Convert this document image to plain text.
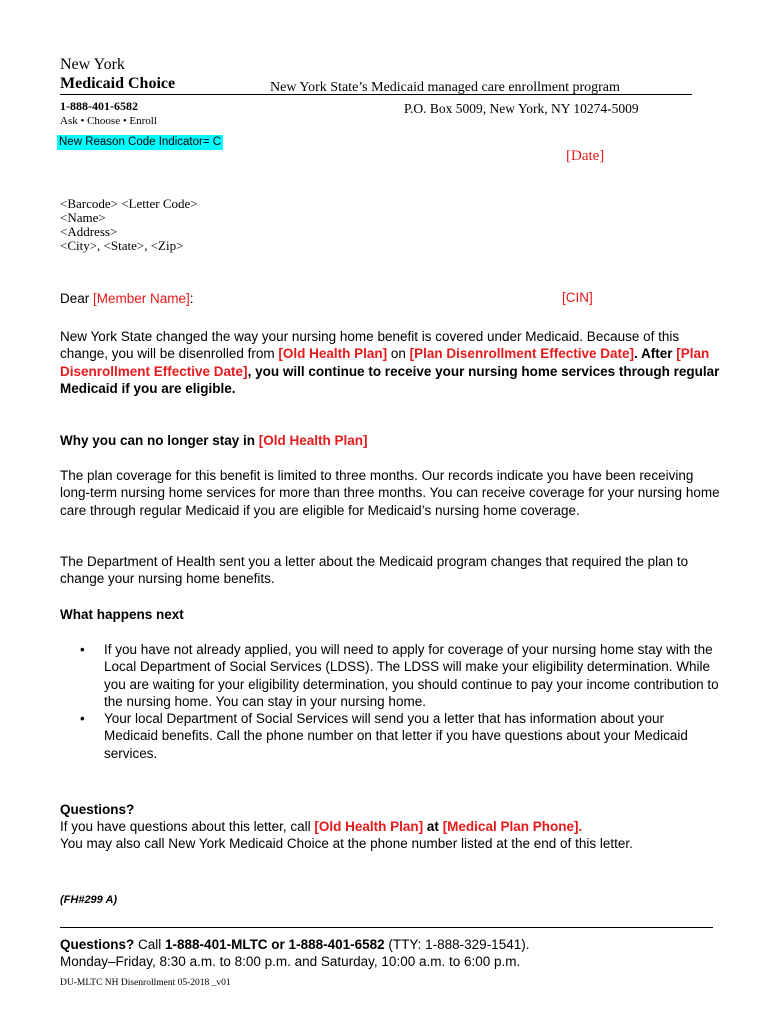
New York
Medicaid Choice	New York State’s Medicaid managed care enrollment program
1-888-401-6582
Ask • Choose • Enroll
P.O. Box 5009, New York, NY 10274-5009
New Reason Code Indicator= C
[Date]
<Barcode> <Letter Code>
<Name>
<Address>
<City>, <State>, <Zip>
Dear [Member Name]:	[CIN]
New York State changed the way your nursing home benefit is covered under Medicaid. Because of this change, you will be disenrolled from [Old Health Plan] on [Plan Disenrollment Effective Date]. After [Plan Disenrollment Effective Date], you will continue to receive your nursing home services through regular Medicaid if you are eligible.
Why you can no longer stay in [Old Health Plan]
The plan coverage for this benefit is limited to three months. Our records indicate you have been receiving long-term nursing home services for more than three months. You can receive coverage for your nursing home care through regular Medicaid if you are eligible for Medicaid’s nursing home coverage.
The Department of Health sent you a letter about the Medicaid program changes that required the plan to change your nursing home benefits.
What happens next
• If you have not already applied, you will need to apply for coverage of your nursing home stay with the Local Department of Social Services (LDSS). The LDSS will make your eligibility determination. While you are waiting for your eligibility determination, you should continue to pay your income contribution to the nursing home. You can stay in your nursing home.
• Your local Department of Social Services will send you a letter that has information about your Medicaid benefits. Call the phone number on that letter if you have questions about your Medicaid services.
Questions?
If you have questions about this letter, call [Old Health Plan] at [Medical Plan Phone].
You may also call New York Medicaid Choice at the phone number listed at the end of this letter.
(FH#299 A)
Questions? Call 1-888-401-MLTC or 1-888-401-6582 (TTY: 1-888-329-1541).
Monday–Friday, 8:30 a.m. to 8:00 p.m. and Saturday, 10:00 a.m. to 6:00 p.m.
DU-MLTC NH Disenrollment 05-2018 _v01
